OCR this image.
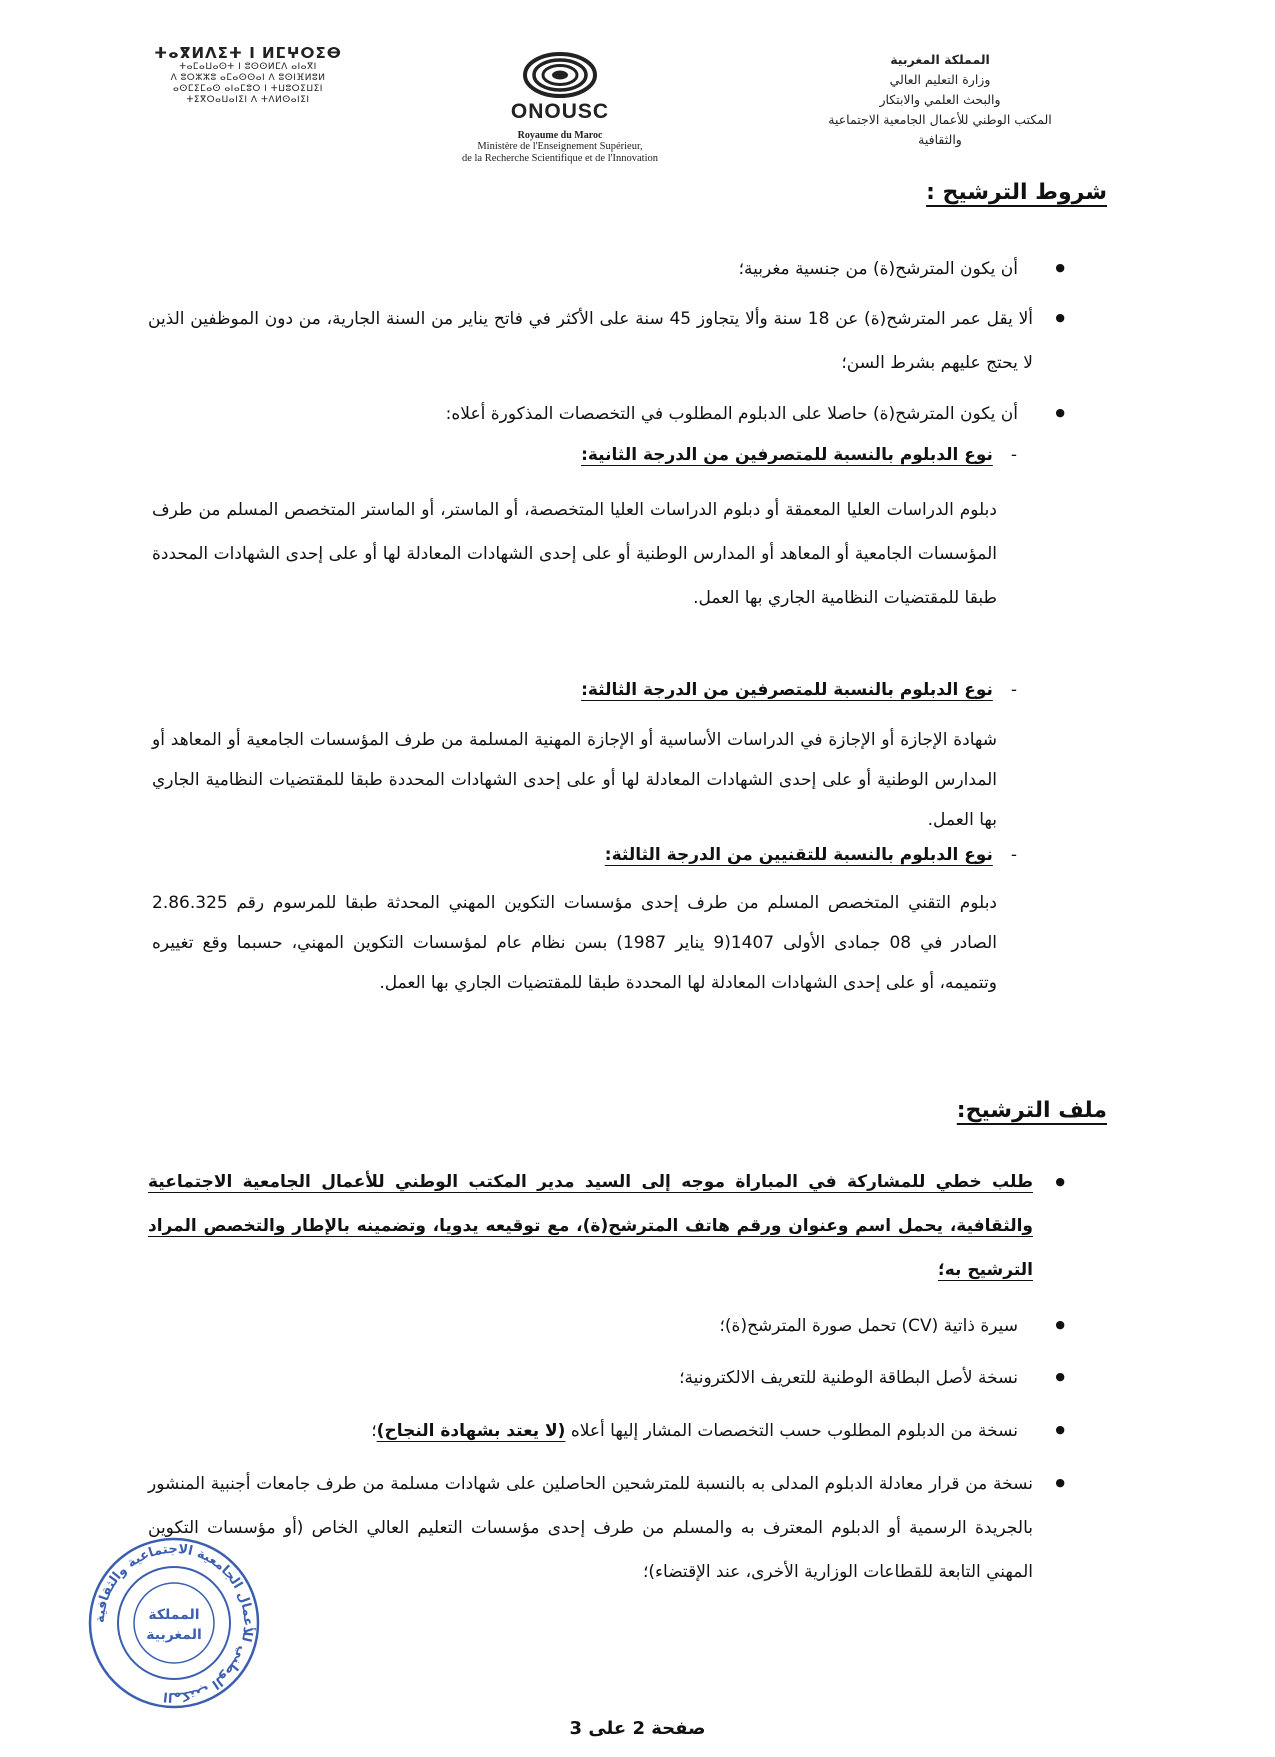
ⵜⴰⴳⵍⴷⵉⵜ ⵏ ⵍⵎⵖⵔⵉⴱ
ⵜⴰⵎⴰⵡⴰⵙⵜ ⵏ ⵓⵙⵙⵍⵎⴷ ⴰⵏⴰⴳⵏ
ⴷ ⵓⵔⵣⵣⵓ ⴰⵎⴰⵙⵙⴰⵏ ⴷ ⵓⵙⵏⴼⵍⵓⵍ
ⴰⵙⵎⵉⵎⴰⵙ ⴰⵏⴰⵎⵓⵔ ⵏ ⵜⵡⵓⵔⵉⵡⵉⵏ
ⵜⵉⴳⵔⴰⵡⴰⵏⵉⵏ ⴷ ⵜⴷⵍⵙⴰⵏⵉⵏ	ONOUSC
Royaume du Maroc
Ministère de l'Enseignement Supérieur,
de la Recherche Scientifique et de l'Innovation
المملكة المغربية
وزارة التعليم العالي
والبحث العلمي والابتكار
المكتب الوطني للأعمال الجامعية الاجتماعية
والثقافية
شروط الترشيح :
●
أن يكون المترشح(ة) من جنسية مغربية؛
●
ألا يقل عمر المترشح(ة) عن 18 سنة وألا يتجاوز 45 سنة على الأكثر في فاتح يناير من السنة الجارية، من دون الموظفين الذين لا يحتج عليهم بشرط السن؛
●
أن يكون المترشح(ة) حاصلا على الدبلوم المطلوب في التخصصات المذكورة أعلاه:
-نوع الدبلوم بالنسبة للمتصرفين من الدرجة الثانية:
دبلوم الدراسات العليا المعمقة أو دبلوم الدراسات العليا المتخصصة، أو الماستر، أو الماستر المتخصص المسلم من طرف المؤسسات الجامعية أو المعاهد أو المدارس الوطنية أو على إحدى الشهادات المعادلة لها أو على إحدى الشهادات المحددة طبقا للمقتضيات النظامية الجاري بها العمل.
-نوع الدبلوم بالنسبة للمتصرفين من الدرجة الثالثة:
شهادة الإجازة أو الإجازة في الدراسات الأساسية أو الإجازة المهنية المسلمة من طرف المؤسسات الجامعية أو المعاهد أو المدارس الوطنية أو على إحدى الشهادات المعادلة لها أو على إحدى الشهادات المحددة طبقا للمقتضيات النظامية الجاري بها العمل.
-نوع الدبلوم بالنسبة للتقنيين من الدرجة الثالثة:
دبلوم التقني المتخصص المسلم من طرف إحدى مؤسسات التكوين المهني المحدثة طبقا للمرسوم رقم 2.86.325 الصادر في 08 جمادى الأولى 1407(9 يناير 1987) بسن نظام عام لمؤسسات التكوين المهني، حسبما وقع تغييره وتتميمه، أو على إحدى الشهادات المعادلة لها المحددة طبقا للمقتضيات الجاري بها العمل.
ملف الترشيح:
●
طلب خطي للمشاركة في المباراة موجه إلى السيد مدير المكتب الوطني للأعمال الجامعية الاجتماعية والثقافية، يحمل اسم وعنوان ورقم هاتف المترشح(ة)، مع توقيعه يدويا، وتضمينه بالإطار والتخصص المراد الترشيح به؛
●
سيرة ذاتية (CV) تحمل صورة المترشح(ة)؛
●
نسخة لأصل البطاقة الوطنية للتعريف الالكترونية؛
●
نسخة من الدبلوم المطلوب حسب التخصصات المشار إليها أعلاه (لا يعتد بشهادة النجاح)؛
●
نسخة من قرار معادلة الدبلوم المدلى به بالنسبة للمترشحين الحاصلين على شهادات مسلمة من طرف جامعات أجنبية المنشور بالجريدة الرسمية أو الدبلوم المعترف به والمسلم من طرف إحدى مؤسسات التعليم العالي الخاص (أو مؤسسات التكوين المهني التابعة للقطاعات الوزارية الأخرى، عند الإقتضاء)؛
المكتب الوطني للأعمال الجامعية الاجتماعية والثقافية
المملكة
المغربية
صفحة 2 على 3
